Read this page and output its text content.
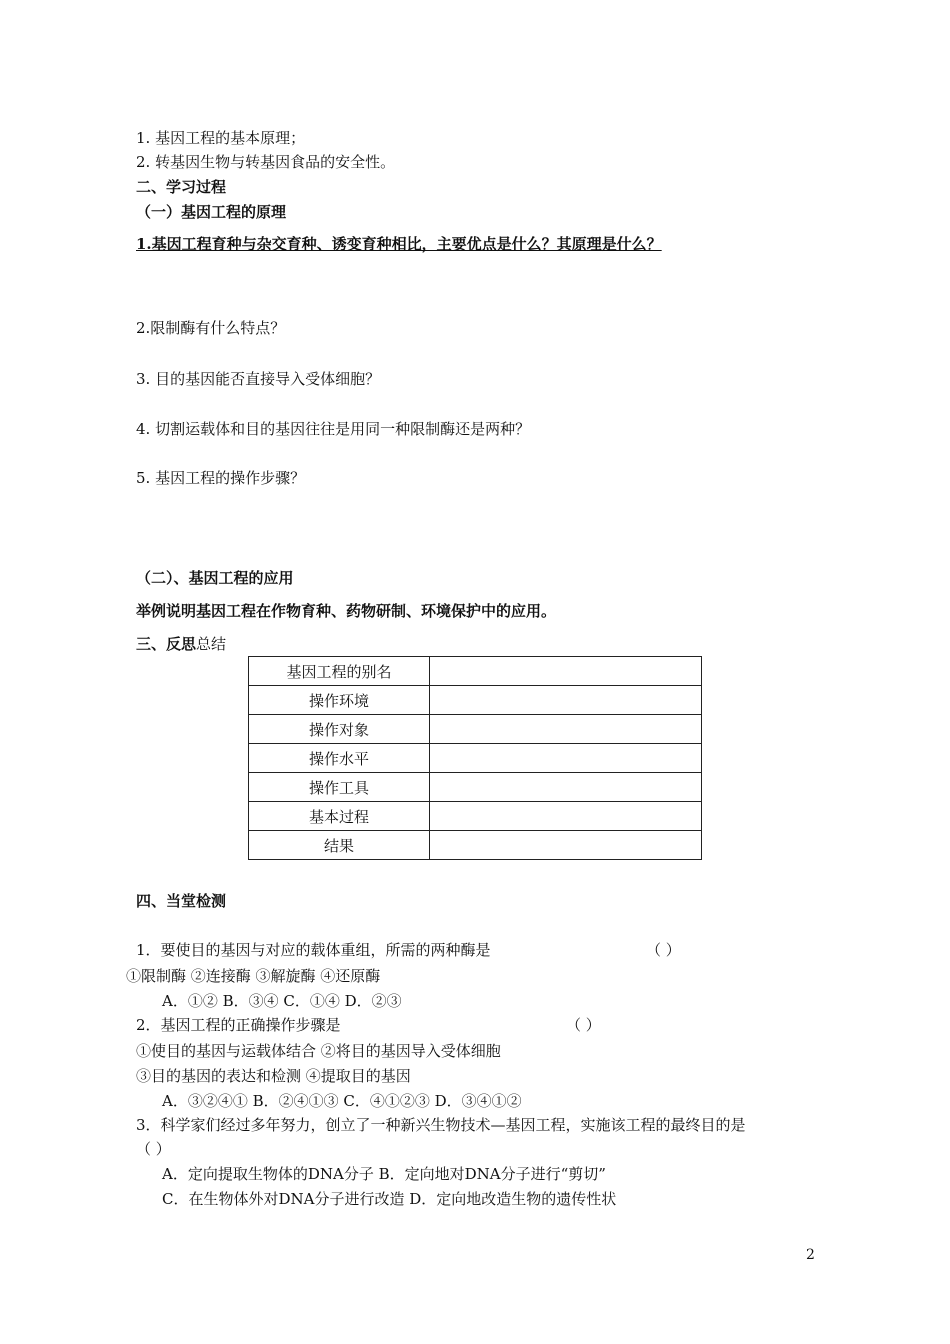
1. 基因工程的基本原理；
2. 转基因生物与转基因食品的安全性。
二、学习过程
（一）基因工程的原理
1.基因工程育种与杂交育种、诱变育种相比，主要优点是什么？其原理是什么？
2.限制酶有什么特点？
3. 目的基因能否直接导入受体细胞？
4. 切割运载体和目的基因往往是用同一种限制酶还是两种？
5. 基因工程的操作步骤？
（二）、基因工程的应用
举例说明基因工程在作物育种、药物研制、环境保护中的应用。
三、反思总结
基因工程的别名	
操作环境	
操作对象	
操作水平	
操作工具	
基本过程	
结果	
四、当堂检测
1．要使目的基因与对应的载体重组，所需的两种酶是	（ ）
①限制酶 ②连接酶 ③解旋酶 ④还原酶
A．①② B．③④ C．①④ D．②③
2．基因工程的正确操作步骤是	（ ）
①使目的基因与运载体结合 ②将目的基因导入受体细胞
③目的基因的表达和检测 ④提取目的基因
A．③②④① B．②④①③ C．④①②③ D．③④①②
3．科学家们经过多年努力，创立了一种新兴生物技术—基因工程，实施该工程的最终目的是
（ ）
A．定向提取生物体的DNA分子 B．定向地对DNA分子进行“剪切”
C．在生物体外对DNA分子进行改造 D．定向地改造生物的遗传性状
2
